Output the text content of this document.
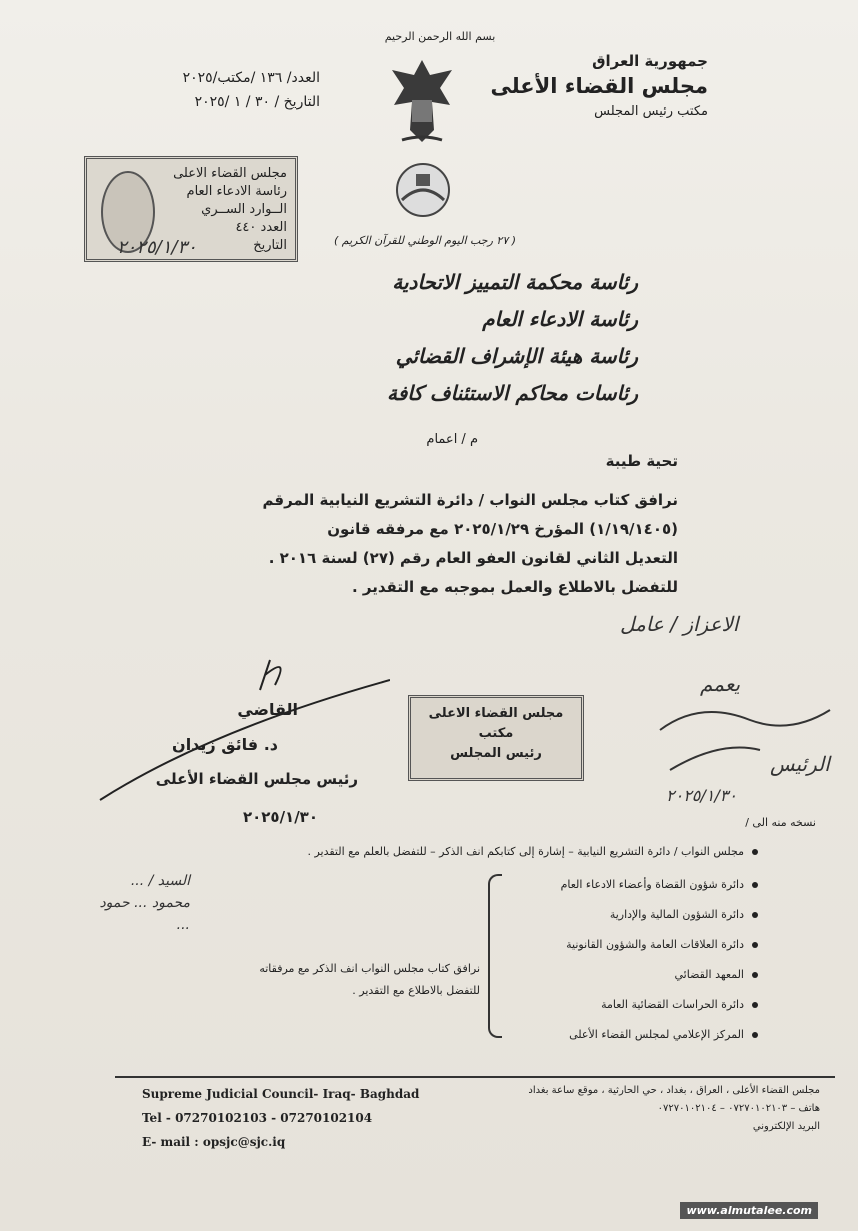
بسم الله الرحمن الرحيم
( ٢٧ رجب اليوم الوطني للقرآن الكريم )
جمهورية العراق
مجلس القضاء الأعلى
مكتب رئيس المجلس
العدد/ ١٣٦ /مكتب/٢٠٢٥
التاريخ / ٣٠ / ١ /٢٠٢٥
مجلس القضاء الاعلى
رئاسة الادعاء العام
الــوارد الســري
العدد ٤٤٠
التاريخ
٢٠٢٥/١/٣٠
رئاسة محكمة التمييز الاتحادية
رئاسة الادعاء العام
رئاسة هيئة الإشراف القضائي
رئاسات محاكم الاستئناف كافة
م / اعمام
تحية طيبة
نرافق كتاب مجلس النواب / دائرة التشريع النيابية المرقم
(١/١٩/١٤٠٥) المؤرخ ٢٠٢٥/١/٢٩ مع مرفقه قانون
التعديل الثاني لقانون العفو العام رقم (٢٧) لسنة ٢٠١٦ .
للتفضل بالاطلاع والعمل بموجبه مع التقدير .
الاعزاز / عامل
يعمم
الرئيس
٢٠٢٥/١/٣٠
القاضي
د. فائق زيدان
رئيس مجلس القضاء الأعلى
٢٠٢٥/١/٣٠
مجلس القضاء الاعلى
مكتب
رئيس المجلس
نسخه منه الى /
مجلس النواب / دائرة التشريع النيابية – إشارة إلى كتابكم انف الذكر – للتفضل بالعلم مع التقدير .
دائرة شؤون القضاة وأعضاء الادعاء العام
دائرة الشؤون المالية والإدارية
دائرة العلاقات العامة والشؤون القانونية
المعهد القضائي
دائرة الحراسات القضائية العامة
المركز الإعلامي لمجلس القضاء الأعلى
نرافق كتاب مجلس النواب انف الذكر مع مرفقاته
للتفضل بالاطلاع مع التقدير .
السيد / ...
محمود ... حمود
...
Supreme Judicial Council- Iraq- Baghdad
Tel - 07270102103 - 07270102104
E- mail : opsjc@sjc.iq
مجلس القضاء الأعلى ، العراق ، بغداد ، حي الحارثية ، موقع ساعة بغداد
هاتف – ٠٧٢٧٠١٠٢١٠٣ – ٠٧٢٧٠١٠٢١٠٤
البريد الإلكتروني
www.almutalee.com
